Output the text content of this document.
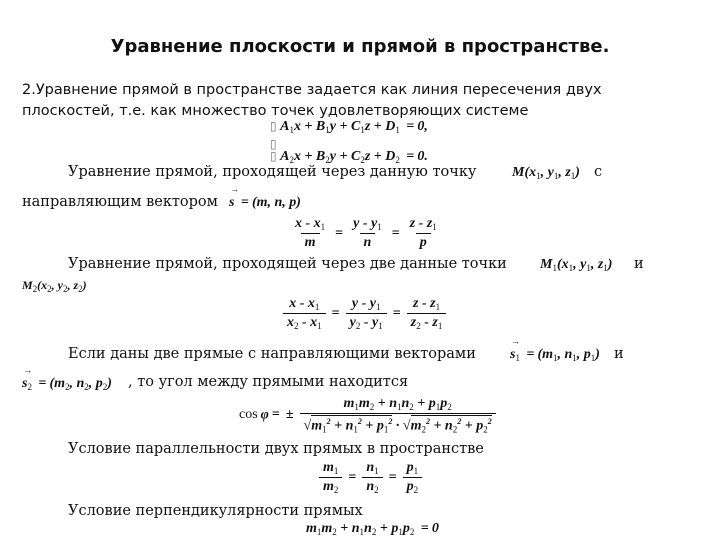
Уравнение плоскости и прямой в пространстве.
2.Уравнение прямой в пространстве задается как линия пересечения двух
плоскостей, т.е. как множество точек удовлетворяющих системе
▯ $A_1x + B_1y + C_1z + D_1 = 0$,
▯
▯ $A_2x + B_2y + C_2z + D_2 = 0$.
Уравнение прямой, проходящей через данную точку	$M(x_1$, $y_1$, $z_1$) с
направляющим вектором → s = (m, n, p)
$\frac{x - x_1}{m} = \frac{y - y_1}{n} = \frac{z - z_1}{p}$
Уравнение прямой, проходящей через две данные точки $M_1(x_1$, $y_1$, $z_1$) и
$M_2(x_2$, $y_2$, $z_2$)
$\frac{x - x_1}{x_2 - x_1} = \frac{y - y_1}{y_2 - y_1} = \frac{z - z_1}{z_2 - z_1}$
Если даны две прямые с направляющими векторами → $s_1 = (m_1$, $n_1$, $p_1$) и
→ $s_2 = (m_2$, $n_2$, $p_2$) , то угол между прямыми находится
cos φ = ± $\frac{m_1m_2 + n_1n_2 + p_1p_2}{√m_1^2 + n_1^2 + p_1^2 \cdot √m_2^2 + n_2^2 + p_2^2}$
Условие параллельности двух прямых в пространстве
$\frac{m_1}{m_2} = \frac{n_1}{n_2} = \frac{p_1}{p_2}$
Условие перпендикулярности прямых
$m_1m_2 + n_1n_2 + p_1p_2 = 0$
